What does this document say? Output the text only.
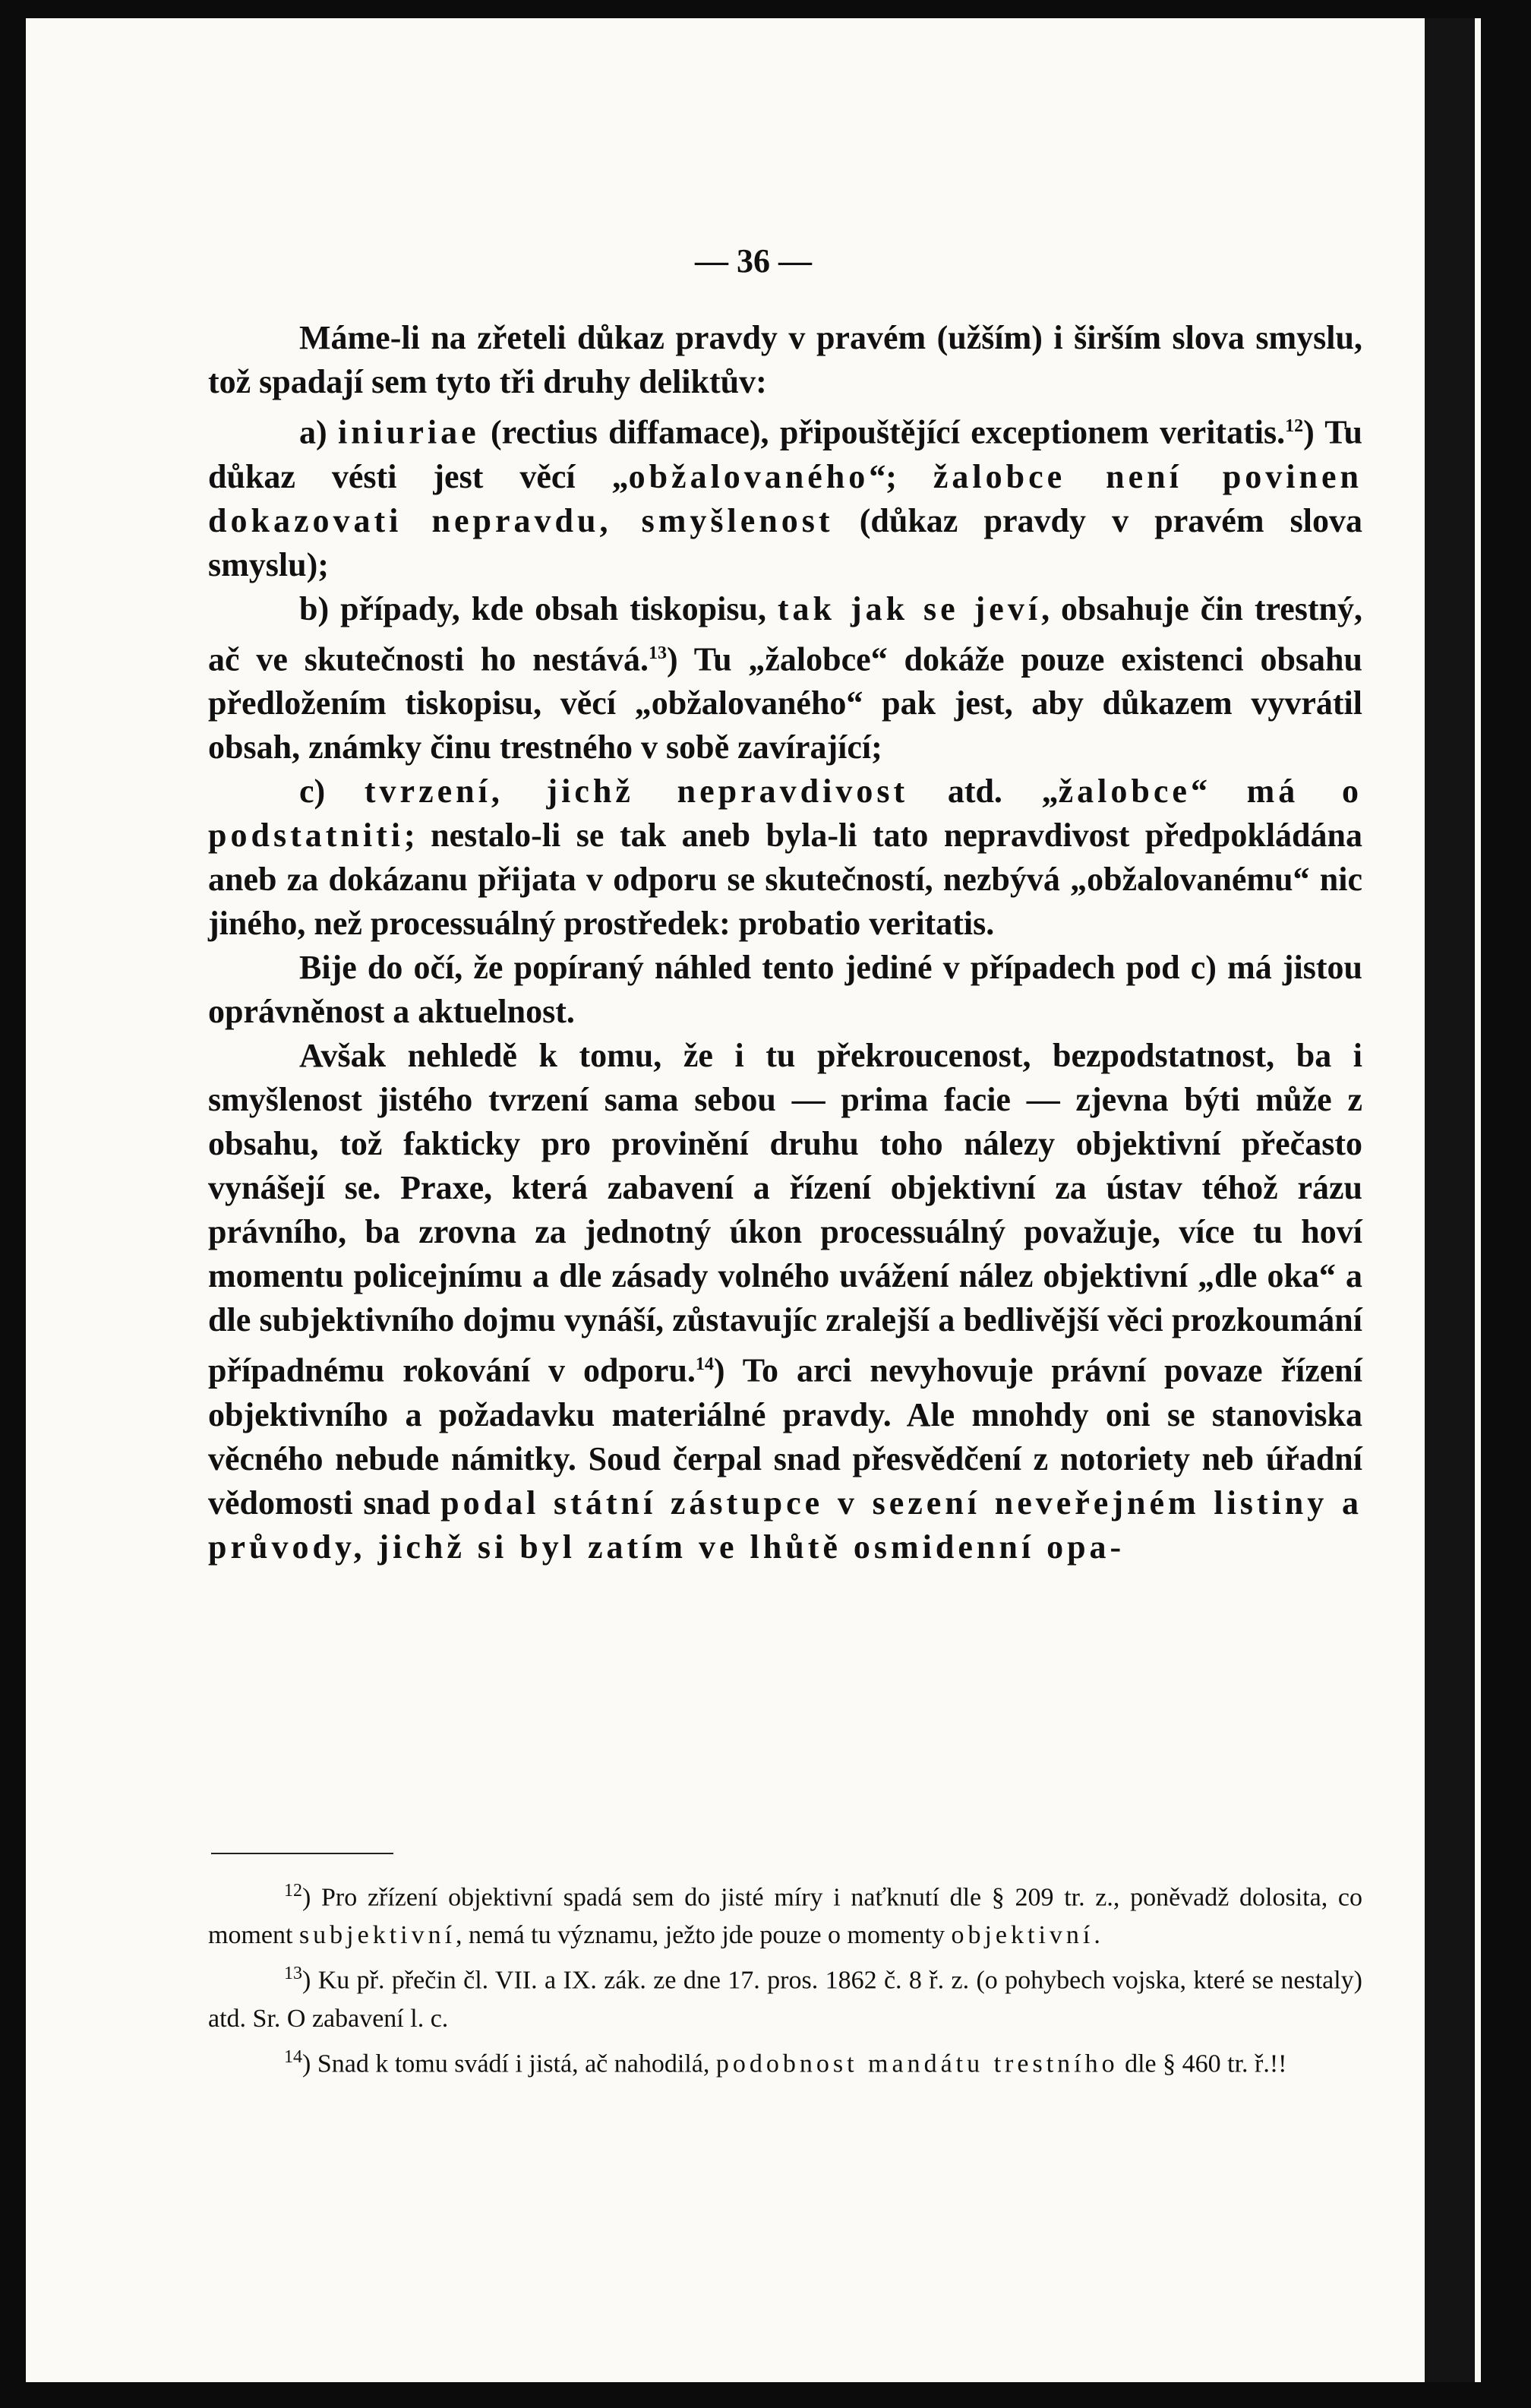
— 36 —

Máme-li na zřeteli důkaz pravdy v pravém (užším) i širším slova smyslu, tož spadají sem tyto tři druhy deliktův:

a) iniuriae (rectius diffamace), připouštějící exceptionem veritatis.$^{12}$) Tu důkaz vésti jest věcí „obžalovaného“; žalobce není povinen dokazovati nepravdu, smyšlenost (důkaz pravdy v pravém slova smyslu);

b) případy, kde obsah tiskopisu, tak jak se jeví, obsahuje čin trestný, ač ve skutečnosti ho nestává.$^{13}$) Tu „žalobce“ dokáže pouze existenci obsahu předložením tiskopisu, věcí „obžalovaného“ pak jest, aby důkazem vyvrátil obsah, známky činu trestného v sobě zavírající;

c) tvrzení, jichž nepravdivost atd. „žalobce“ má o podstatniti; nestalo-li se tak aneb byla-li tato nepravdivost předpokládána aneb za dokázanu přijata v odporu se skutečností, nezbývá „obžalovanému“ nic jiného, než processuálný prostředek: probatio veritatis.

Bije do očí, že popíraný náhled tento jediné v případech pod c) má jistou oprávněnost a aktuelnost.

Avšak nehledě k tomu, že i tu překroucenost, bezpodstatnost, ba i smyšlenost jistého tvrzení sama sebou — prima facie — zjevna býti může z obsahu, tož fakticky pro provinění druhu toho nálezy objektivní přečasto vynášejí se. Praxe, která zabavení a řízení objektivní za ústav téhož rázu právního, ba zrovna za jednotný úkon processuálný považuje, více tu hoví momentu policejnímu a dle zásady volného uvážení nález objektivní „dle oka“ a dle subjektivního dojmu vynáší, zůstavujíc zralejší a bedlivější věci prozkoumání případnému rokování v odporu.$^{14}$) To arci nevyhovuje právní povaze řízení objektivního a požadavku materiálné pravdy. Ale mnohdy oni se stanoviska věcného nebude námitky. Soud čerpal snad přesvědčení z notoriety neb úřadní vědomosti snad podal státní zástupce v sezení neveřejném listiny a průvody, jichž si byl zatím ve lhůtě osmidenní opa-

$^{12}$) Pro zřízení objektivní spadá sem do jisté míry i naťknutí dle § 209 tr. z., poněvadž dolosita, co moment subjektivní, nemá tu významu, ježto jde pouze o momenty objektivní.

$^{13}$) Ku př. přečin čl. VII. a IX. zák. ze dne 17. pros. 1862 č. 8 ř. z. (o pohybech vojska, které se nestaly) atd. Sr. O zabavení l. c.

$^{14}$) Snad k tomu svádí i jistá, ač nahodilá, podobnost mandátu trestního dle § 460 tr. ř.!!
